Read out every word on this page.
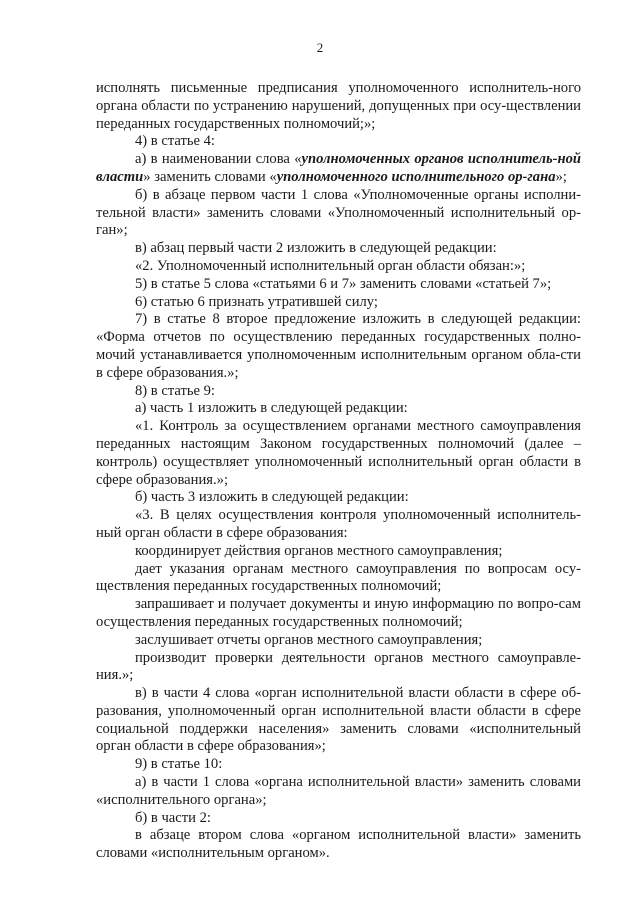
2

исполнять письменные предписания уполномоченного исполнитель-ного органа области по устранению нарушений, допущенных при осу-ществлении переданных государственных полномочий;»;

4) в статье 4:

а) в наименовании слова «уполномоченных органов исполнитель-ной власти» заменить словами «уполномоченного исполнительного ор-гана»;

б) в абзаце первом части 1 слова «Уполномоченные органы исполни-тельной власти» заменить словами «Уполномоченный исполнительный ор-ган»;

в) абзац первый части 2 изложить в следующей редакции:

«2. Уполномоченный исполнительный орган области обязан:»;

5) в статье 5 слова «статьями 6 и 7» заменить словами «статьей 7»;

6) статью 6 признать утратившей силу;

7) в статье 8 второе предложение изложить в следующей редакции: «Форма отчетов по осуществлению переданных государственных полно-мочий устанавливается уполномоченным исполнительным органом обла-сти в сфере образования.»;

8) в статье 9:

а) часть 1 изложить в следующей редакции:

«1. Контроль за осуществлением органами местного самоуправления переданных настоящим Законом государственных полномочий (далее – контроль) осуществляет уполномоченный исполнительный орган области в сфере образования.»;

б) часть 3 изложить в следующей редакции:

«3. В целях осуществления контроля уполномоченный исполнитель-ный орган области в сфере образования:

координирует действия органов местного самоуправления;

дает указания органам местного самоуправления по вопросам осу-ществления переданных государственных полномочий;

запрашивает и получает документы и иную информацию по вопро-сам осуществления переданных государственных полномочий;

заслушивает отчеты органов местного самоуправления;

производит проверки деятельности органов местного самоуправле-ния.»;

в) в части 4 слова «орган исполнительной власти области в сфере об-разования, уполномоченный орган исполнительной власти области в сфере социальной поддержки населения» заменить словами «исполнительный орган области в сфере образования»;

9) в статье 10:

а) в части 1 слова «органа исполнительной власти» заменить словами «исполнительного органа»;

б) в части 2:

в абзаце втором слова «органом исполнительной власти» заменить словами «исполнительным органом».
